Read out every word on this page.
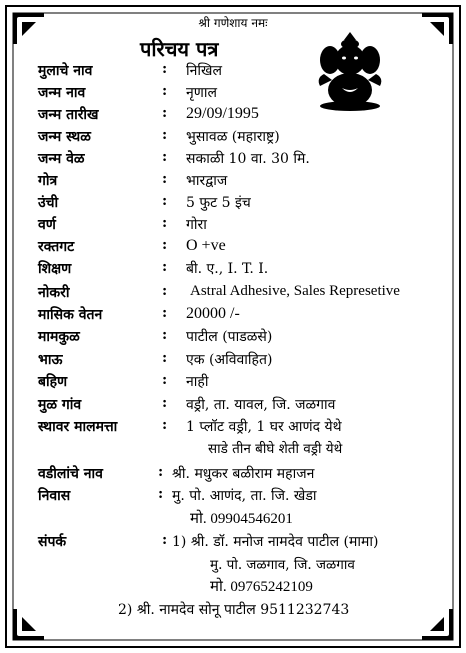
श्री गणेशाय नमः
परिचय पत्र
मुलाचे नाव	: निखिल
जन्म नाव	: नृणाल
जन्म तारीख	: 29/09/1995
जन्म स्थळ	: भुसावळ (महाराष्ट्र)
जन्म वेळ	: सकाळी 10 वा. 30 मि.
गोत्र	: भारद्वाज
उंची	: 5 फुट 5 इंच
वर्ण	: गोरा
रक्तगट	: O +ve
शिक्षण	: बी. ए., I. T. I.
नोकरी	: Astral Adhesive, Sales Represetive
मासिक वेतन	: 20000 /-
मामकुळ	: पाटील (पाडळसे)
भाऊ	: एक (अविवाहित)
बहिण	: नाही
मुळ गांव	: वड्री, ता. यावल, जि. जळगाव
स्थावर मालमत्ता	: 1 प्लॉट वड्री, 1 घर आणंद येथे
साडे तीन बीघे शेती वड्री येथे
वडीलांचे नाव	: श्री. मधुकर बळीराम महाजन
निवास	: मु. पो. आणंद, ता. जि. खेडा
मो. 09904546201
संपर्क	: 1) श्री. डॉ. मनोज नामदेव पाटील (मामा)
मु. पो. जळगाव, जि. जळगाव
मो. 09765242109
2) श्री. नामदेव सोनू पाटील 9511232743
